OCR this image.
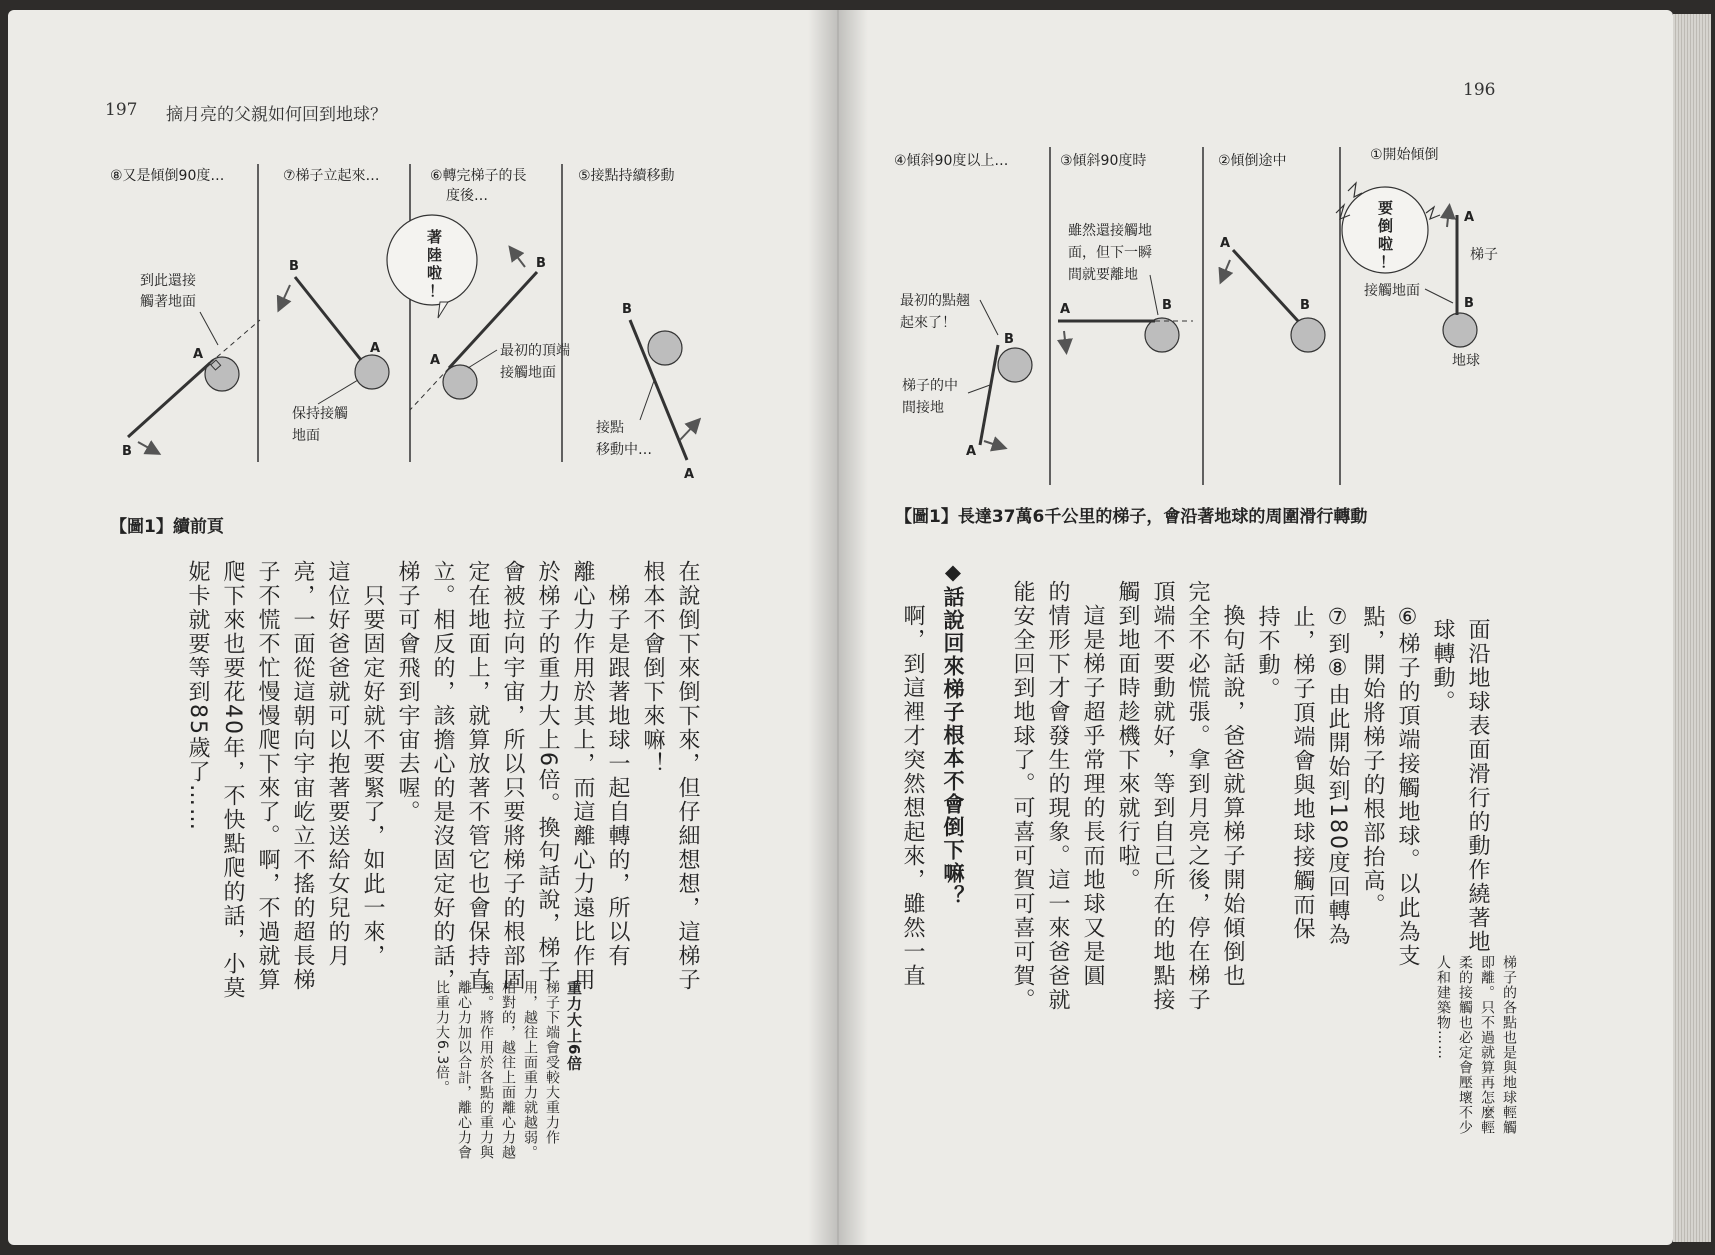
197 摘月亮的父親如何回到地球？
⑧又是傾倒90度…	⑦梯子立起來…	⑥轉完梯子的長
度後…
⑤接點持續移動
A
B
到此還接
觸著地面
B
A
保持接觸
地面
著
陸
啦
！
B
A
最初的頂端
接觸地面
B
A
接點
移動中…
【圖1】續前頁
在說倒下來倒下來，但仔細想想，這梯子
根本不會倒下來嘛！
　梯子是跟著地球一起自轉的，所以有
離心力作用於其上，而這離心力遠比作用
於梯子的重力大上6倍。換句話說，梯子
會被拉向宇宙，所以只要將梯子的根部固
定在地面上，就算放著不管它也會保持直
立。相反的，該擔心的是沒固定好的話，
梯子可會飛到宇宙去喔。
　只要固定好就不要緊了，如此一來，
這位好爸爸就可以抱著要送給女兒的月
亮，一面從這朝向宇宙屹立不搖的超長梯
子不慌不忙慢慢爬下來了。啊，不過就算
爬下來也要花40年，不快點爬的話，小莫
妮卡就要等到85歲了……
重力大上6倍
梯子下端會受較大重力作
用，越往上面重力就越弱。
相對的，越往上面離心力越
強。將作用於各點的重力與
離心力加以合計，離心力會
比重力大6.3倍。
196
④傾斜90度以上…	③傾斜90度時	②傾倒途中	①開始傾倒
B
A
最初的點翹
起來了！
梯子的中
間接地
A	B
雖然還接觸地
面，但下一瞬
間就要離地
A
B
要
倒
啦
！
A
B
梯子
接觸地面
地球
【圖1】長達37萬6千公里的梯子，會沿著地球的周圍滑行轉動
梯子的各點也是與地球輕觸
即離。只不過就算再怎麼輕
柔的接觸也必定會壓壞不少
人和建築物……
面沿地球表面滑行的動作繞著地
球轉動。
⑥梯子的頂端接觸地球。以此為支
點，開始將梯子的根部抬高。
⑦到⑧由此開始到180度回轉為
止，梯子頂端會與地球接觸而保
持不動。
　換句話說，爸爸就算梯子開始傾倒也
完全不必慌張。拿到月亮之後，停在梯子
頂端不要動就好，等到自己所在的地點接
觸到地面時趁機下來就行啦。
　這是梯子超乎常理的長而地球又是圓
的情形下才會發生的現象。這一來爸爸就
能安全回到地球了。可喜可賀可喜可賀。
◆話說回來梯子根本不會倒下嘛？
　啊，到這裡才突然想起來，雖然一直
